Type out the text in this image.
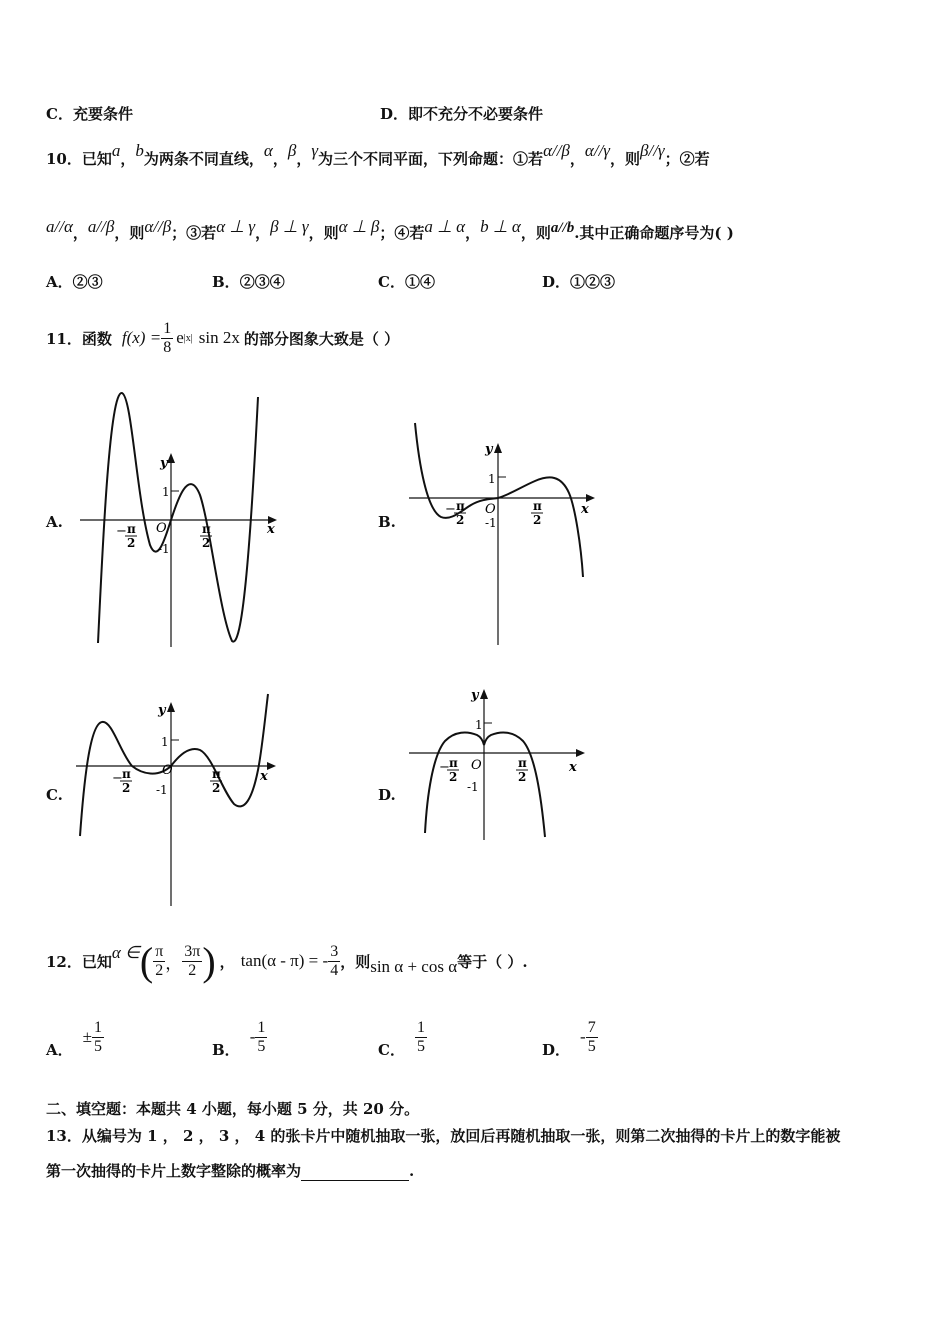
C．充要条件	D．即不充分不必要条件
10．已知a，b为两条不同直线，α，β，γ为三个不同平面，下列命题：①若α//β，α//γ，则β//γ；②若
a//α，a//β，则α//β；③若α ⊥ γ，β ⊥ γ，则α ⊥ β；④若a ⊥ α，b ⊥ α，则a//b.其中正确命题序号为( )
A．②③	B．②③④	C．①④	D．①②③
11．函数 $f(x) = \frac{1}{8}$ e |x| sin 2x 的部分图象大致是（ ）
A.	B.
C.	D.
y
x
O
1
-1
− π
2
π
2
y
x
O
1
-1
− π
2
π
2
y
x
O
1
-1
− π
2
π
2
y
x
O
1
-1
− π
2
π
2
12．已知 α ∈ ( $\frac{\pi}{2}$ ， $\frac{3\pi}{2}$ ) ， tan(α - π) = - $\frac{3}{4}$ ，则 sin α + cos α 等于（ ）.
A．
± $\frac{1}{5}$	B．
- $\frac{1}{5}$	C． $\frac{1}{5}$	D．
- $\frac{7}{5}$
二、填空题：本题共 4 小题，每小题 5 分，共 20 分。
13．从编号为 1 ， 2 ， 3 ， 4 的张卡片中随机抽取一张，放回后再随机抽取一张，则第二次抽得的卡片上的数字能被
第一次抽得的卡片上数字整除的概率为	.
